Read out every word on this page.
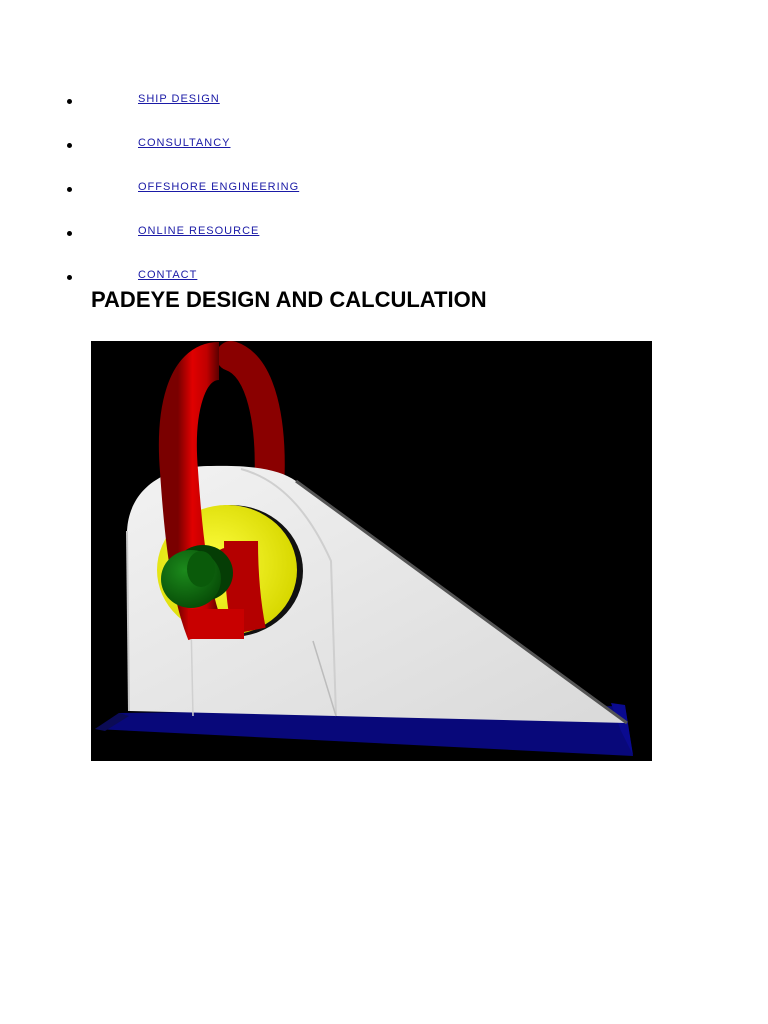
SHIP DESIGN
CONSULTANCY
OFFSHORE ENGINEERING
ONLINE RESOURCE
CONTACT
PADEYE DESIGN AND CALCULATION
